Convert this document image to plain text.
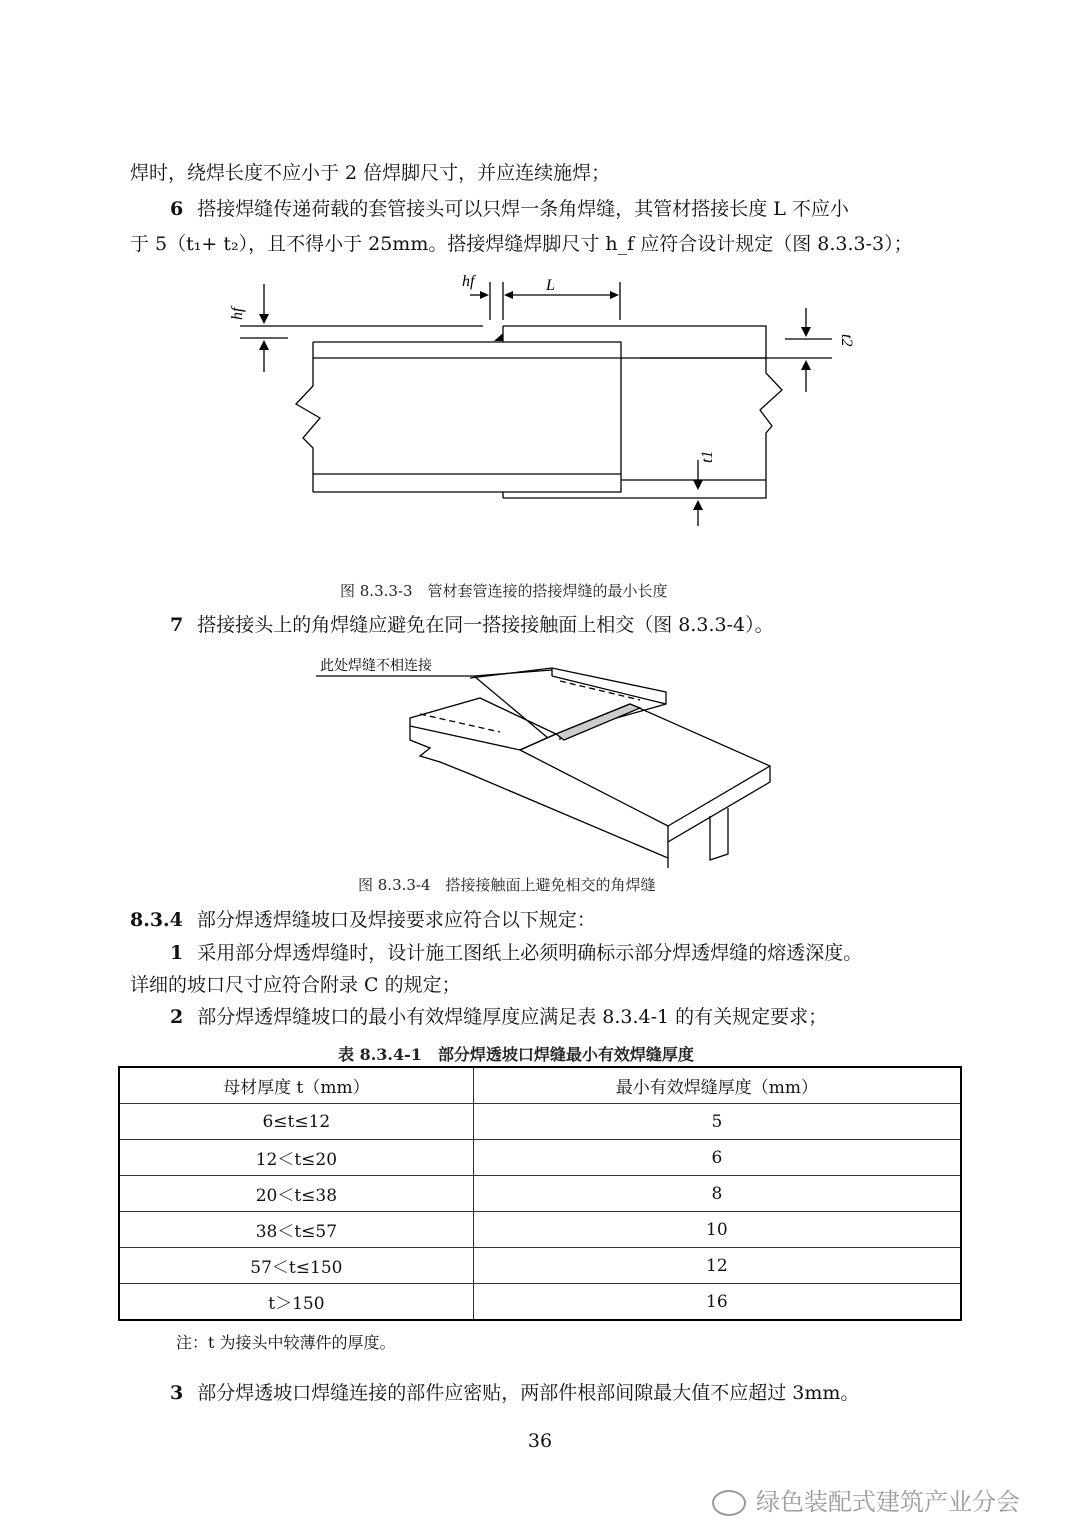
焊时，绕焊长度不应小于 2 倍焊脚尺寸，并应连续施焊；
6 搭接焊缝传递荷载的套管接头可以只焊一条角焊缝，其管材搭接长度 L 不应小
于 5（t₁+ t₂），且不得小于 25mm。搭接焊缝焊脚尺寸 h_f 应符合设计规定（图 8.3.3-3）；
hf	L
hf
t2
t1
图 8.3.3-3　管材套管连接的搭接焊缝的最小长度
7 搭接接头上的角焊缝应避免在同一搭接接触面上相交（图 8.3.3-4）。
此处焊缝不相连接
图 8.3.3-4　搭接接触面上避免相交的角焊缝
8.3.4 部分焊透焊缝坡口及焊接要求应符合以下规定：
1 采用部分焊透焊缝时，设计施工图纸上必须明确标示部分焊透焊缝的熔透深度。
详细的坡口尺寸应符合附录 C 的规定；
2 部分焊透焊缝坡口的最小有效焊缝厚度应满足表 8.3.4-1 的有关规定要求；
表 8.3.4-1　部分焊透坡口焊缝最小有效焊缝厚度
母材厚度 t（mm）	最小有效焊缝厚度（mm）
6≤t≤12	5
12＜t≤20	6
20＜t≤38	8
38＜t≤57	10
57＜t≤150	12
t＞150	16
注：t 为接头中较薄件的厚度。
3 部分焊透坡口焊缝连接的部件应密贴，两部件根部间隙最大值不应超过 3mm。
36
绿色装配式建筑产业分会
